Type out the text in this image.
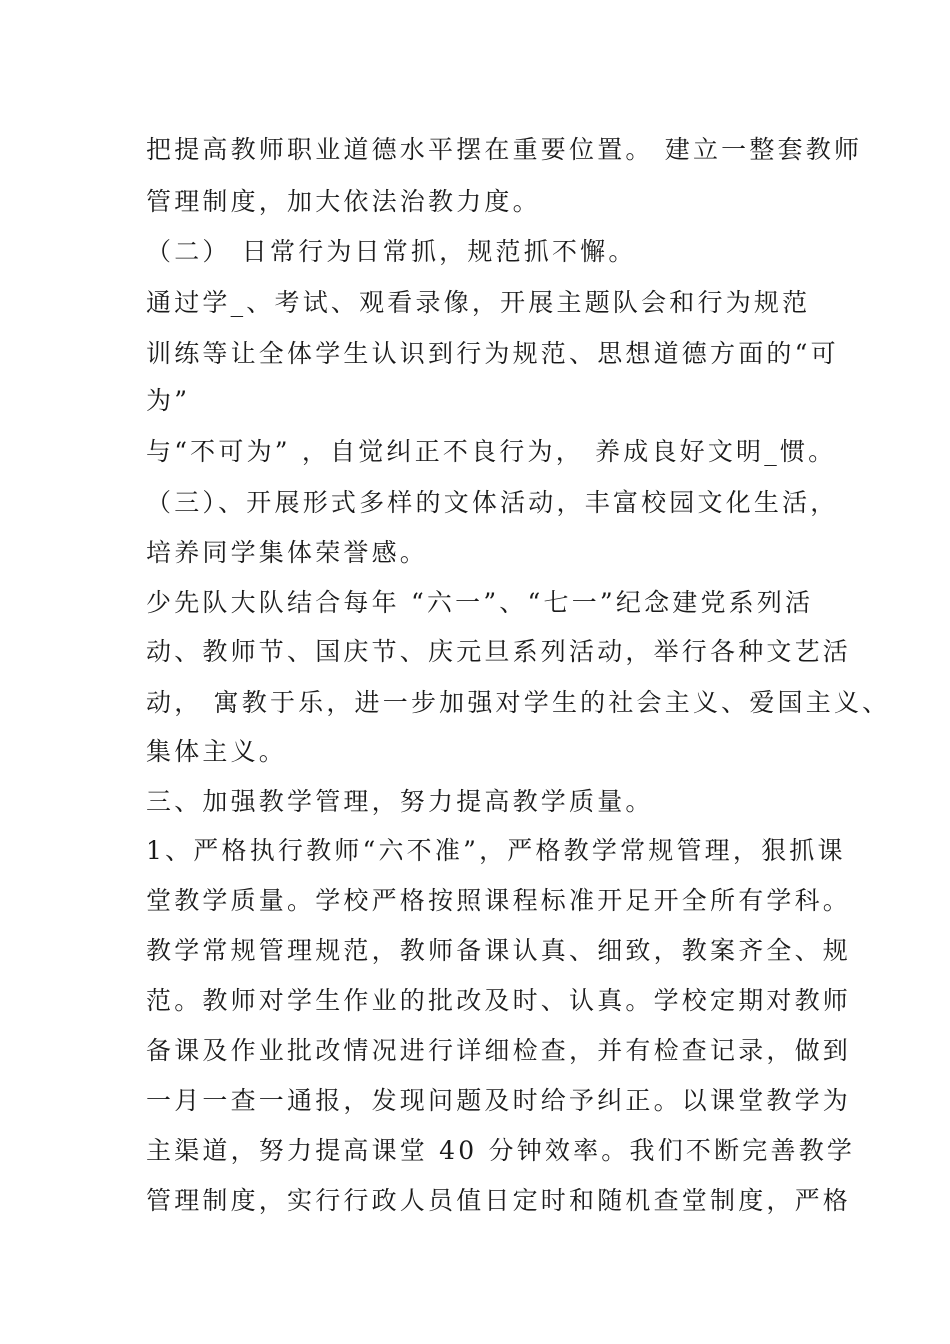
把提高教师职业道德水平摆在重要位置。 建立一整套教师
管理制度，加大依法治教力度。
（二） 日常行为日常抓，规范抓不懈。
通过学_、考试、观看录像，开展主题队会和行为规范
训练等让全体学生认识到行为规范、思想道德方面的“可
为”
与“不可为” ，自觉纠正不良行为， 养成良好文明_惯。
（三）、开展形式多样的文体活动，丰富校园文化生活，
培养同学集体荣誉感。
少先队大队结合每年 “六一”、“七一”纪念建党系列活
动、教师节、国庆节、庆元旦系列活动，举行各种文艺活
动， 寓教于乐，进一步加强对学生的社会主义、爱国主义、
集体主义。
三、加强教学管理，努力提高教学质量。
1、严格执行教师“六不准”，严格教学常规管理，狠抓课
堂教学质量。学校严格按照课程标准开足开全所有学科。
教学常规管理规范，教师备课认真、细致，教案齐全、规
范。教师对学生作业的批改及时、认真。学校定期对教师
备课及作业批改情况进行详细检查，并有检查记录，做到
一月一查一通报，发现问题及时给予纠正。以课堂教学为
主渠道，努力提高课堂 40 分钟效率。我们不断完善教学
管理制度，实行行政人员值日定时和随机查堂制度，严格
